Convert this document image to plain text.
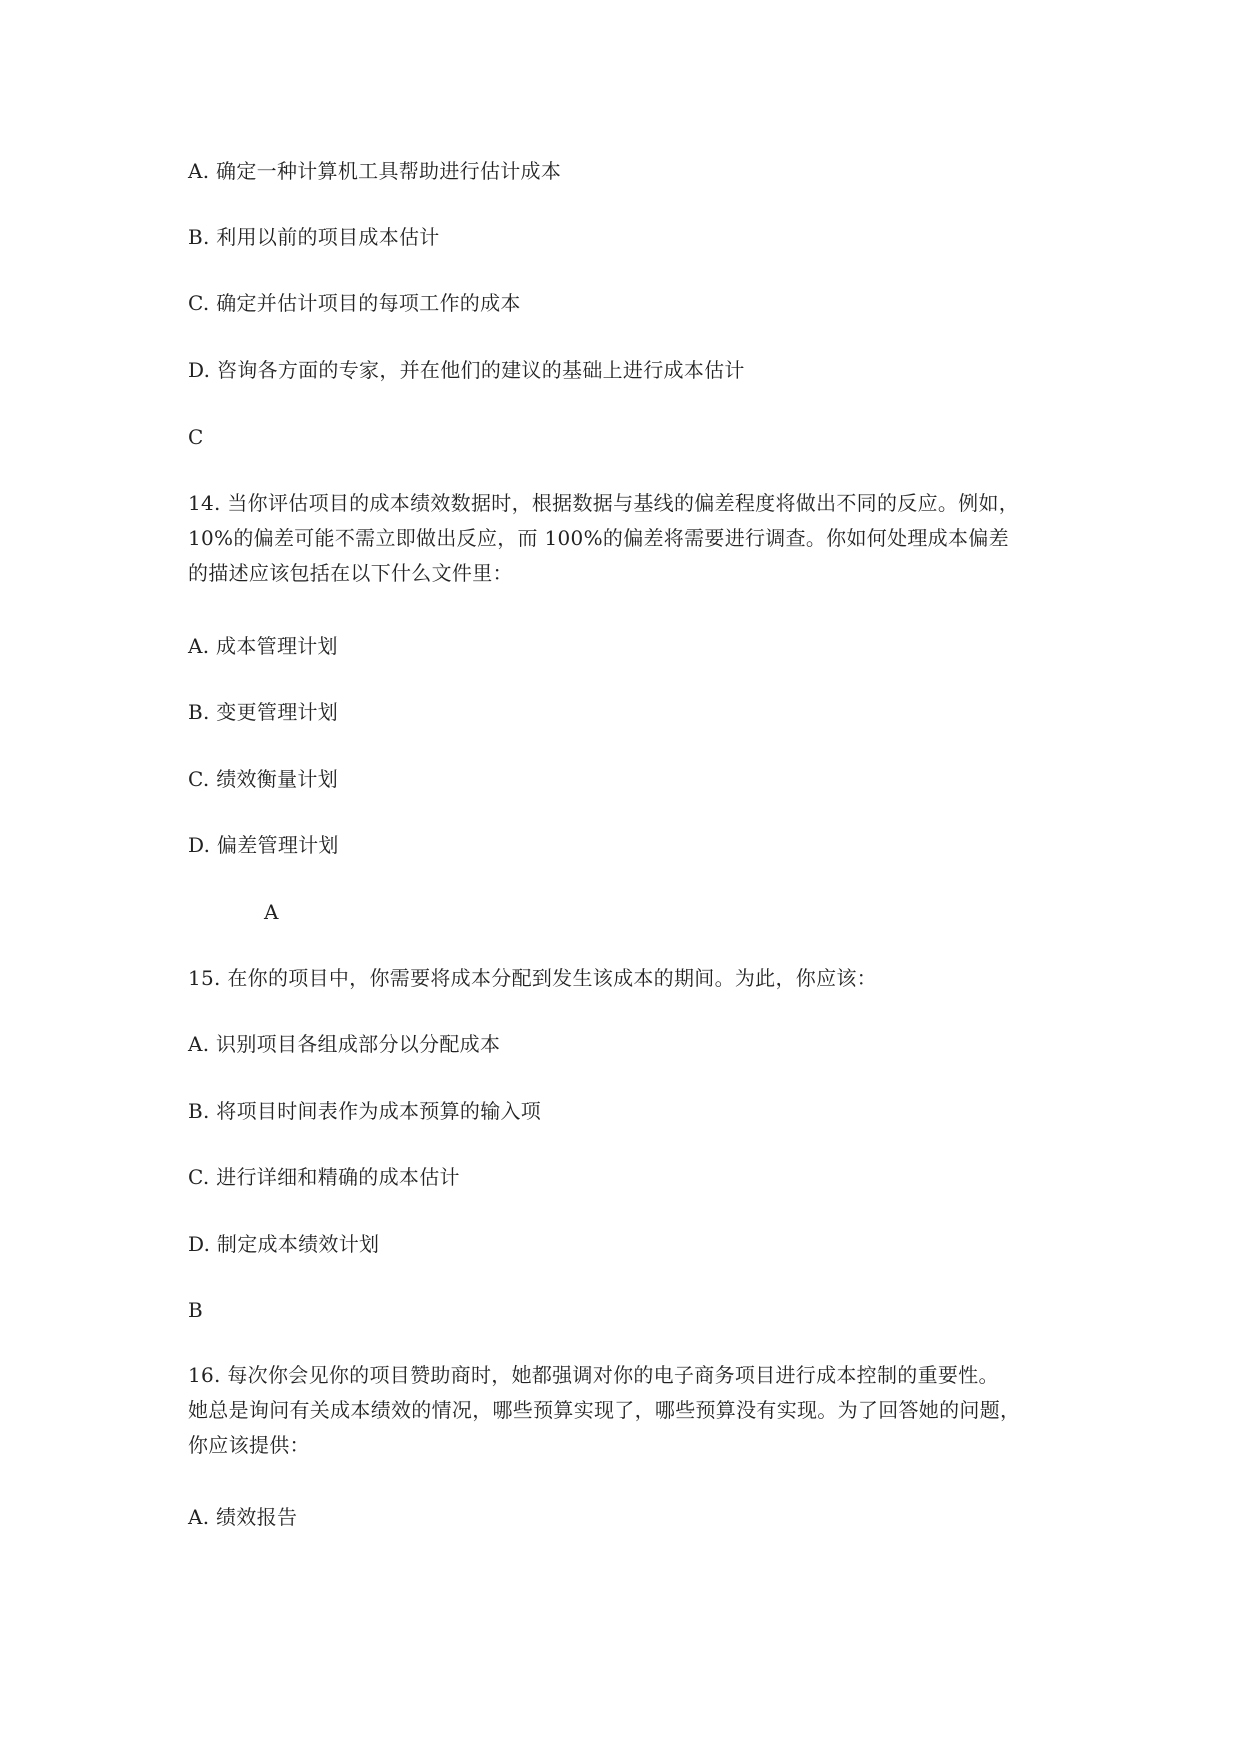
A. 确定一种计算机工具帮助进行估计成本
B. 利用以前的项目成本估计
C. 确定并估计项目的每项工作的成本
D. 咨询各方面的专家，并在他们的建议的基础上进行成本估计
C
14. 当你评估项目的成本绩效数据时，根据数据与基线的偏差程度将做出不同的反应。例如，
10%的偏差可能不需立即做出反应，而 100%的偏差将需要进行调查。你如何处理成本偏差
的描述应该包括在以下什么文件里：
A. 成本管理计划
B. 变更管理计划
C. 绩效衡量计划
D. 偏差管理计划
A
15. 在你的项目中，你需要将成本分配到发生该成本的期间。为此，你应该：
A. 识别项目各组成部分以分配成本
B. 将项目时间表作为成本预算的输入项
C. 进行详细和精确的成本估计
D. 制定成本绩效计划
B
16. 每次你会见你的项目赞助商时，她都强调对你的电子商务项目进行成本控制的重要性。
她总是询问有关成本绩效的情况，哪些预算实现了，哪些预算没有实现。为了回答她的问题，
你应该提供：
A. 绩效报告
